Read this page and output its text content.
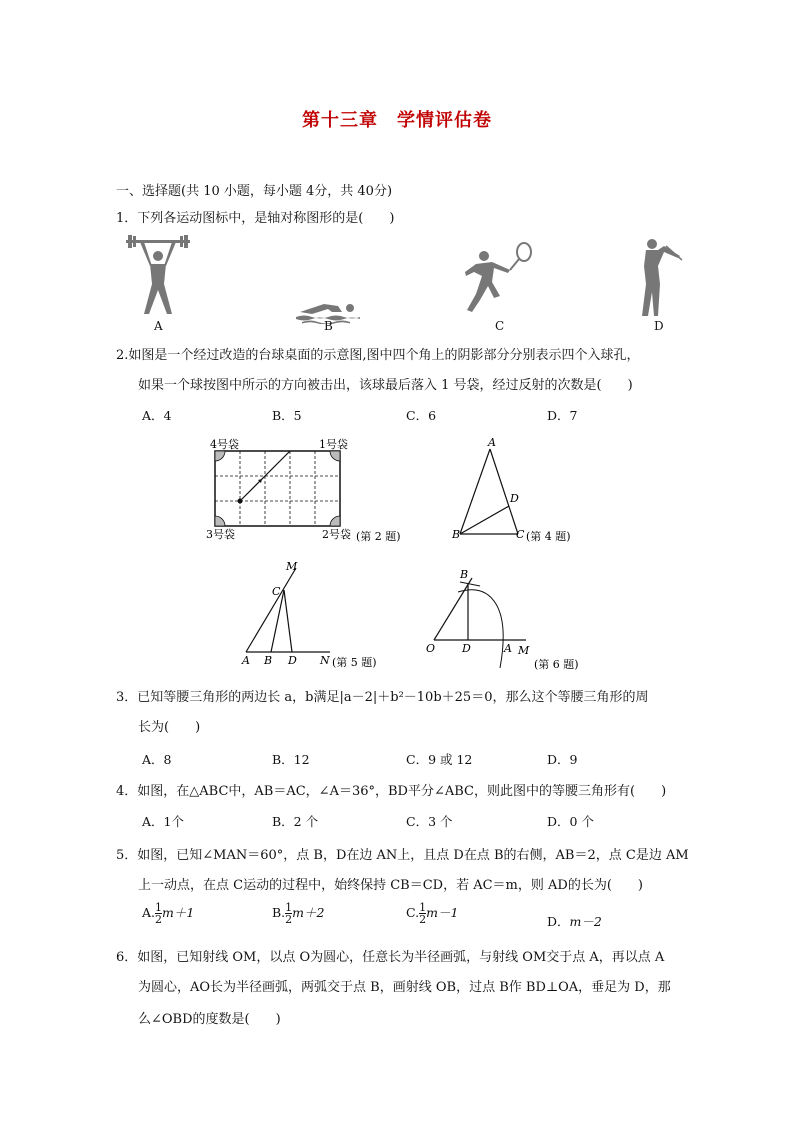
第十三章　学情评估卷
一、选择题(共 10 小题，每小题 4分，共 40分)
1．下列各运动图标中，是轴对称图形的是(　　)
A	B	C	D
2.如图是一个经过改造的台球桌面的示意图,图中四个角上的阴影部分分别表示四个入球孔，
如果一个球按图中所示的方向被击出，该球最后落入 1 号袋，经过反射的次数是(　　)
A．4	B．5	C．6	D．7
4号袋	1号袋
3号袋	2号袋 (第 2 题)
A
B	C
D
(第 4 题)
M
C
A B D N (第 5 题)
B
O D	A M
(第 6 题)
3．已知等腰三角形的两边长 a，b满足|a－2|＋b²－10b＋25＝0，那么这个等腰三角形的周
长为(　　)
A．8	B．12	C．9 或 12	D．9
4．如图，在△ABC中，AB＝AC，∠A＝36°，BD平分∠ABC，则此图中的等腰三角形有(　　)
A．1个	B．2 个	C．3 个	D．0 个
5．如图，已知∠MAN＝60°，点 B，D在边 AN上，且点 D在点 B的右侧，AB＝2，点 C是边 AM
上一动点，在点 C运动的过程中，始终保持 CB＝CD，若 AC＝m，则 AD的长为(　　)
A. $\frac{1}{2} m+1$	B. $\frac{1}{2} m+2$	C. $\frac{1}{2} m-1$
D．m－2
6．如图，已知射线 OM，以点 O为圆心，任意长为半径画弧，与射线 OM交于点 A，再以点 A
为圆心，AO长为半径画弧，两弧交于点 B，画射线 OB，过点 B作 BD⊥OA，垂足为 D，那
么∠OBD的度数是(　　)
